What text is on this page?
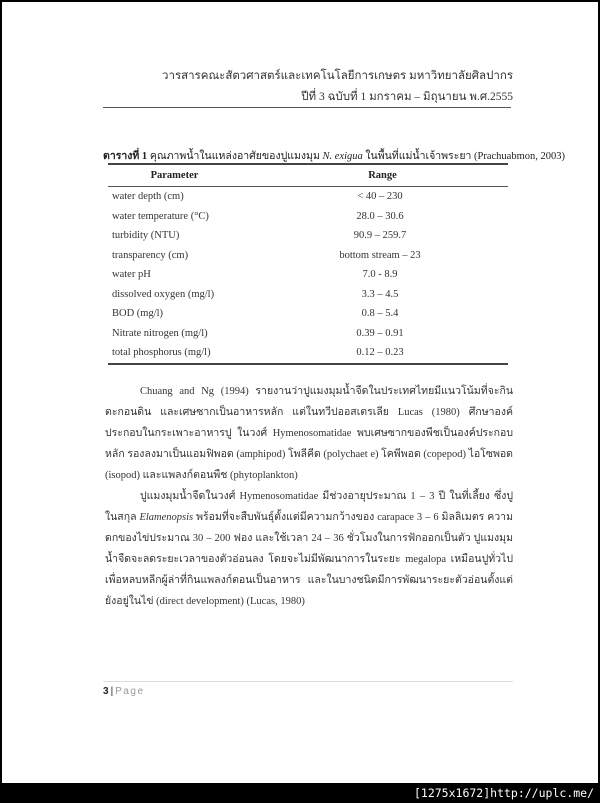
วารสารคณะสัตวศาสตร์และเทคโนโลยีการเกษตร มหาวิทยาลัยศิลปากร
ปีที่ 3 ฉบับที่ 1 มกราคม – มิถุนายน พ.ศ.2555
ตารางที่ 1 คุณภาพน้ำในแหล่งอาศัยของปูแมงมุม N. exigua ในพื้นที่แม่น้ำเจ้าพระยา (Prachuabmon, 2003)
Parameter	Range
water depth (cm)	< 40 – 230
water temperature (°C)	28.0 – 30.6
turbidity (NTU)	90.9 – 259.7
transparency (cm)	bottom stream – 23
water pH	7.0 - 8.9
dissolved oxygen (mg/l)	3.3 – 4.5
BOD (mg/l)	0.8 – 5.4
Nitrate nitrogen (mg/l)	0.39 – 0.91
total phosphorus (mg/l)	0.12 – 0.23

Chuang and Ng (1994) รายงานว่าปูแมงมุมน้ำจืดในประเทศไทยมีแนวโน้มที่จะกินตะกอนดิน และเศษซากเป็นอาหารหลัก แต่ในทวีปออสเตรเลีย Lucas (1980) ศึกษาองค์ประกอบในกระเพาะอาหารปู ในวงศ์ Hymenosomatidae พบเศษซากของพืชเป็นองค์ประกอบหลัก รองลงมาเป็นแอมฟิพอด (amphipod) โพลีคีด (polychaet e) โคพีพอด (copepod) ไอโซพอด (isopod) และแพลงก์ตอนพืช (phytoplankton)

ปูแมงมุมน้ำจืดในวงศ์ Hymenosomatidae มีช่วงอายุประมาณ 1 – 3 ปี ในที่เลี้ยง ซึ่งปูในสกุล Elamenopsis พร้อมที่จะสืบพันธุ์ตั้งแต่มีความกว้างของ carapace 3 – 6 มิลลิเมตร ความดกของไข่ประมาณ 30 – 200 ฟอง และใช้เวลา 24 – 36 ชั่วโมงในการฟักออกเป็นตัว ปูแมงมุมน้ำจืดจะลดระยะเวลาของตัวอ่อนลง โดยจะไม่มีพัฒนาการในระยะ megalopa เหมือนปูทั่วไป เพื่อหลบหลีกผู้ล่าที่กินแพลงก์ตอนเป็นอาหาร และในบางชนิดมีการพัฒนาระยะตัวอ่อนตั้งแต่ยังอยู่ในไข่ (direct development) (Lucas, 1980)

3 | Page
[1275x1672]http://uplc.me/
